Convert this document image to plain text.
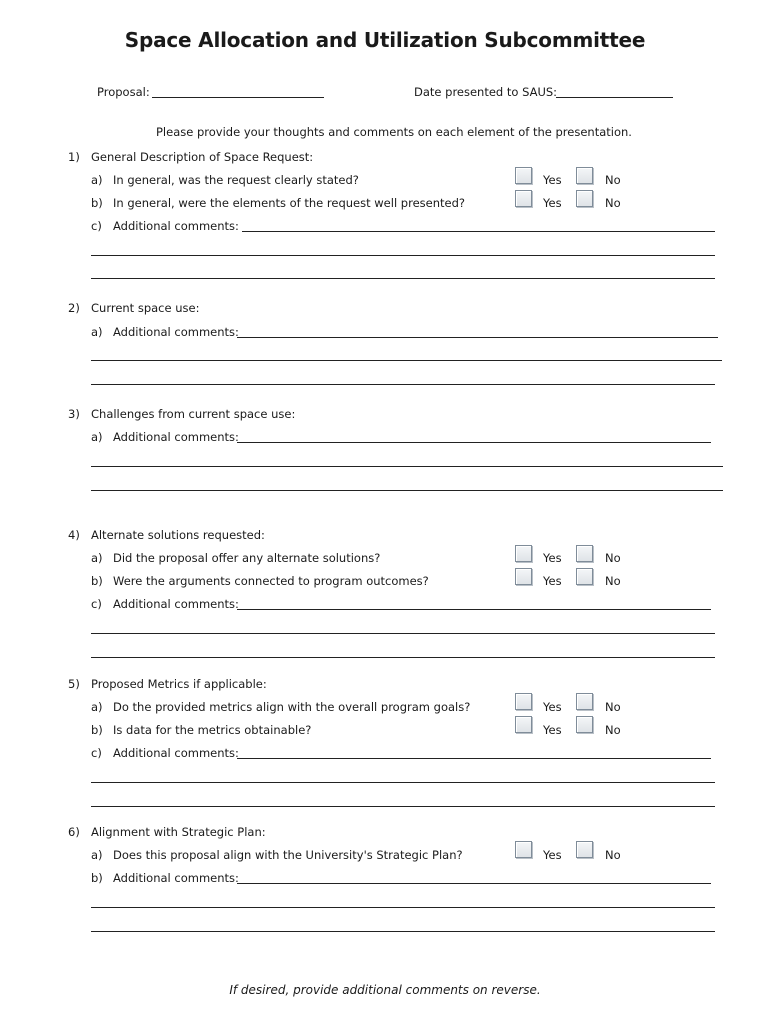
Space Allocation and Utilization Subcommittee
Proposal:	Date presented to SAUS:
Please provide your thoughts and comments on each element of the presentation.
1) General Description of Space Request:
a) In general, was the request clearly stated?	Yes	No
b) In general, were the elements of the request well presented?	Yes	No
c) Additional comments:
2) Current space use:
a) Additional comments:
3) Challenges from current space use:
a) Additional comments:
4) Alternate solutions requested:
a) Did the proposal offer any alternate solutions?	Yes	No
b) Were the arguments connected to program outcomes?	Yes	No
c) Additional comments:
5) Proposed Metrics if applicable:
a) Do the provided metrics align with the overall program goals?	Yes	No
b) Is data for the metrics obtainable?	Yes	No
c) Additional comments:
6) Alignment with Strategic Plan:
a) Does this proposal align with the University's Strategic Plan?	Yes	No
b) Additional comments:
If desired, provide additional comments on reverse.
